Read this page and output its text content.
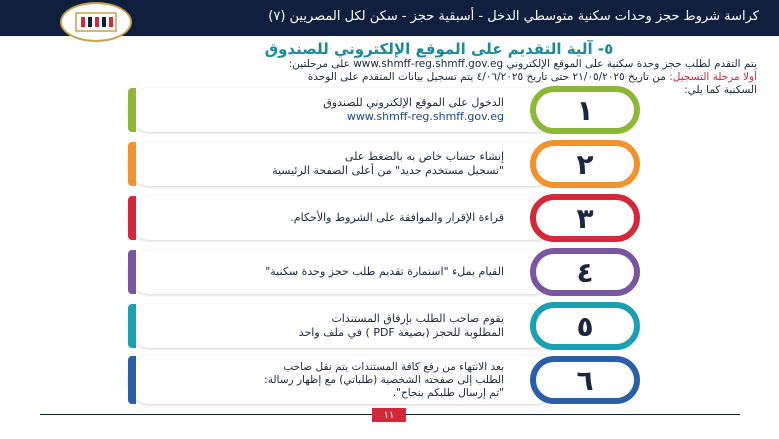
كراسة شروط حجز وحدات سكنية متوسطي الدخل - أسبقية حجز - سكن لكل المصريين (٧)
٥- آلية التقديم على الموقع الإلكتروني للصندوق
يتم التقدم لطلب حجز وحدة سكنية على الموقع الإلكتروني www.shmff-reg.shmff.gov.eg على مرحلتين:
أولا مرحلة التسجيل: من تاريخ ٢١/٠٥/٢٠٢٥ حتى تاريخ ٤/٠٦/٢٠٢٥ يتم تسجيل بيانات المتقدم على الوحدة
السكنية كما يلي:
الدخول على الموقع الإلكتروني للصندوق
www.shmff-reg.shmff.gov.eg	١
إنشاء حساب خاص به بالضغط على
"تسجيل مستخدم جديد" من أعلى الصفحة الرئيسية	٢
قراءة الإقرار والموافقة على الشروط والأحكام.	٣
القيام بملء "استمارة تقديم طلب حجز وحدة سكنية"	٤
يقوم صاحب الطلب بإرفاق المستندات
المطلوبة للحجز (بصيغة PDF ) في ملف واحد	٥
بعد الانتهاء من رفع كافة المستندات يتم نقل صاحب
الطلب إلى صفحته الشخصية (طلباتي) مع إظهار رسالة:
"تم إرسال طلبكم بنجاح".	٦
١١
